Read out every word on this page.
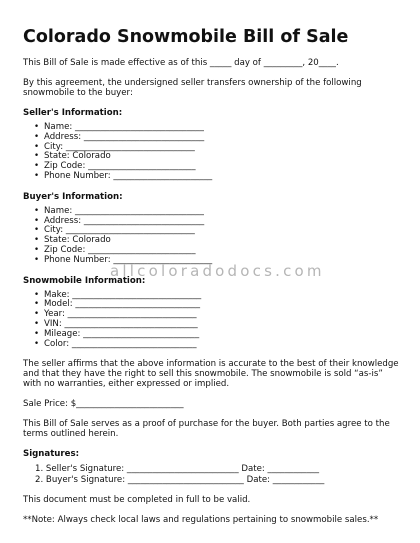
Colorado Snowmobile Bill of Sale

This Bill of Sale is made effective as of this _____ day of _________, 20____.

By this agreement, the undersigned seller transfers ownership of the following snowmobile to the buyer:

Seller's Information:
• Name: ______________________________
• Address: ____________________________
• City: ______________________________
• State: Colorado
• Zip Code: _________________________
• Phone Number: _______________________
Buyer's Information:
• Name: ______________________________
• Address: ____________________________
• City: ______________________________
• State: Colorado
• Zip Code: _________________________
• Phone Number: _______________________
Snowmobile Information:
• Make: ______________________________
• Model: _____________________________
• Year: ______________________________
• VIN: _______________________________
• Mileage: ___________________________
• Color: _____________________________

The seller affirms that the above information is accurate to the best of their knowledge and that they have the right to sell this snowmobile. The snowmobile is sold “as-is” with no warranties, either expressed or implied.

Sale Price: $_________________________

This Bill of Sale serves as a proof of purchase for the buyer. Both parties agree to the terms outlined herein.

Signatures:
1. Seller's Signature: __________________________ Date: ____________
2. Buyer's Signature: ___________________________ Date: ____________

This document must be completed in full to be valid.

**Note: Always check local laws and regulations pertaining to snowmobile sales.**

allcoloradodocs.com
